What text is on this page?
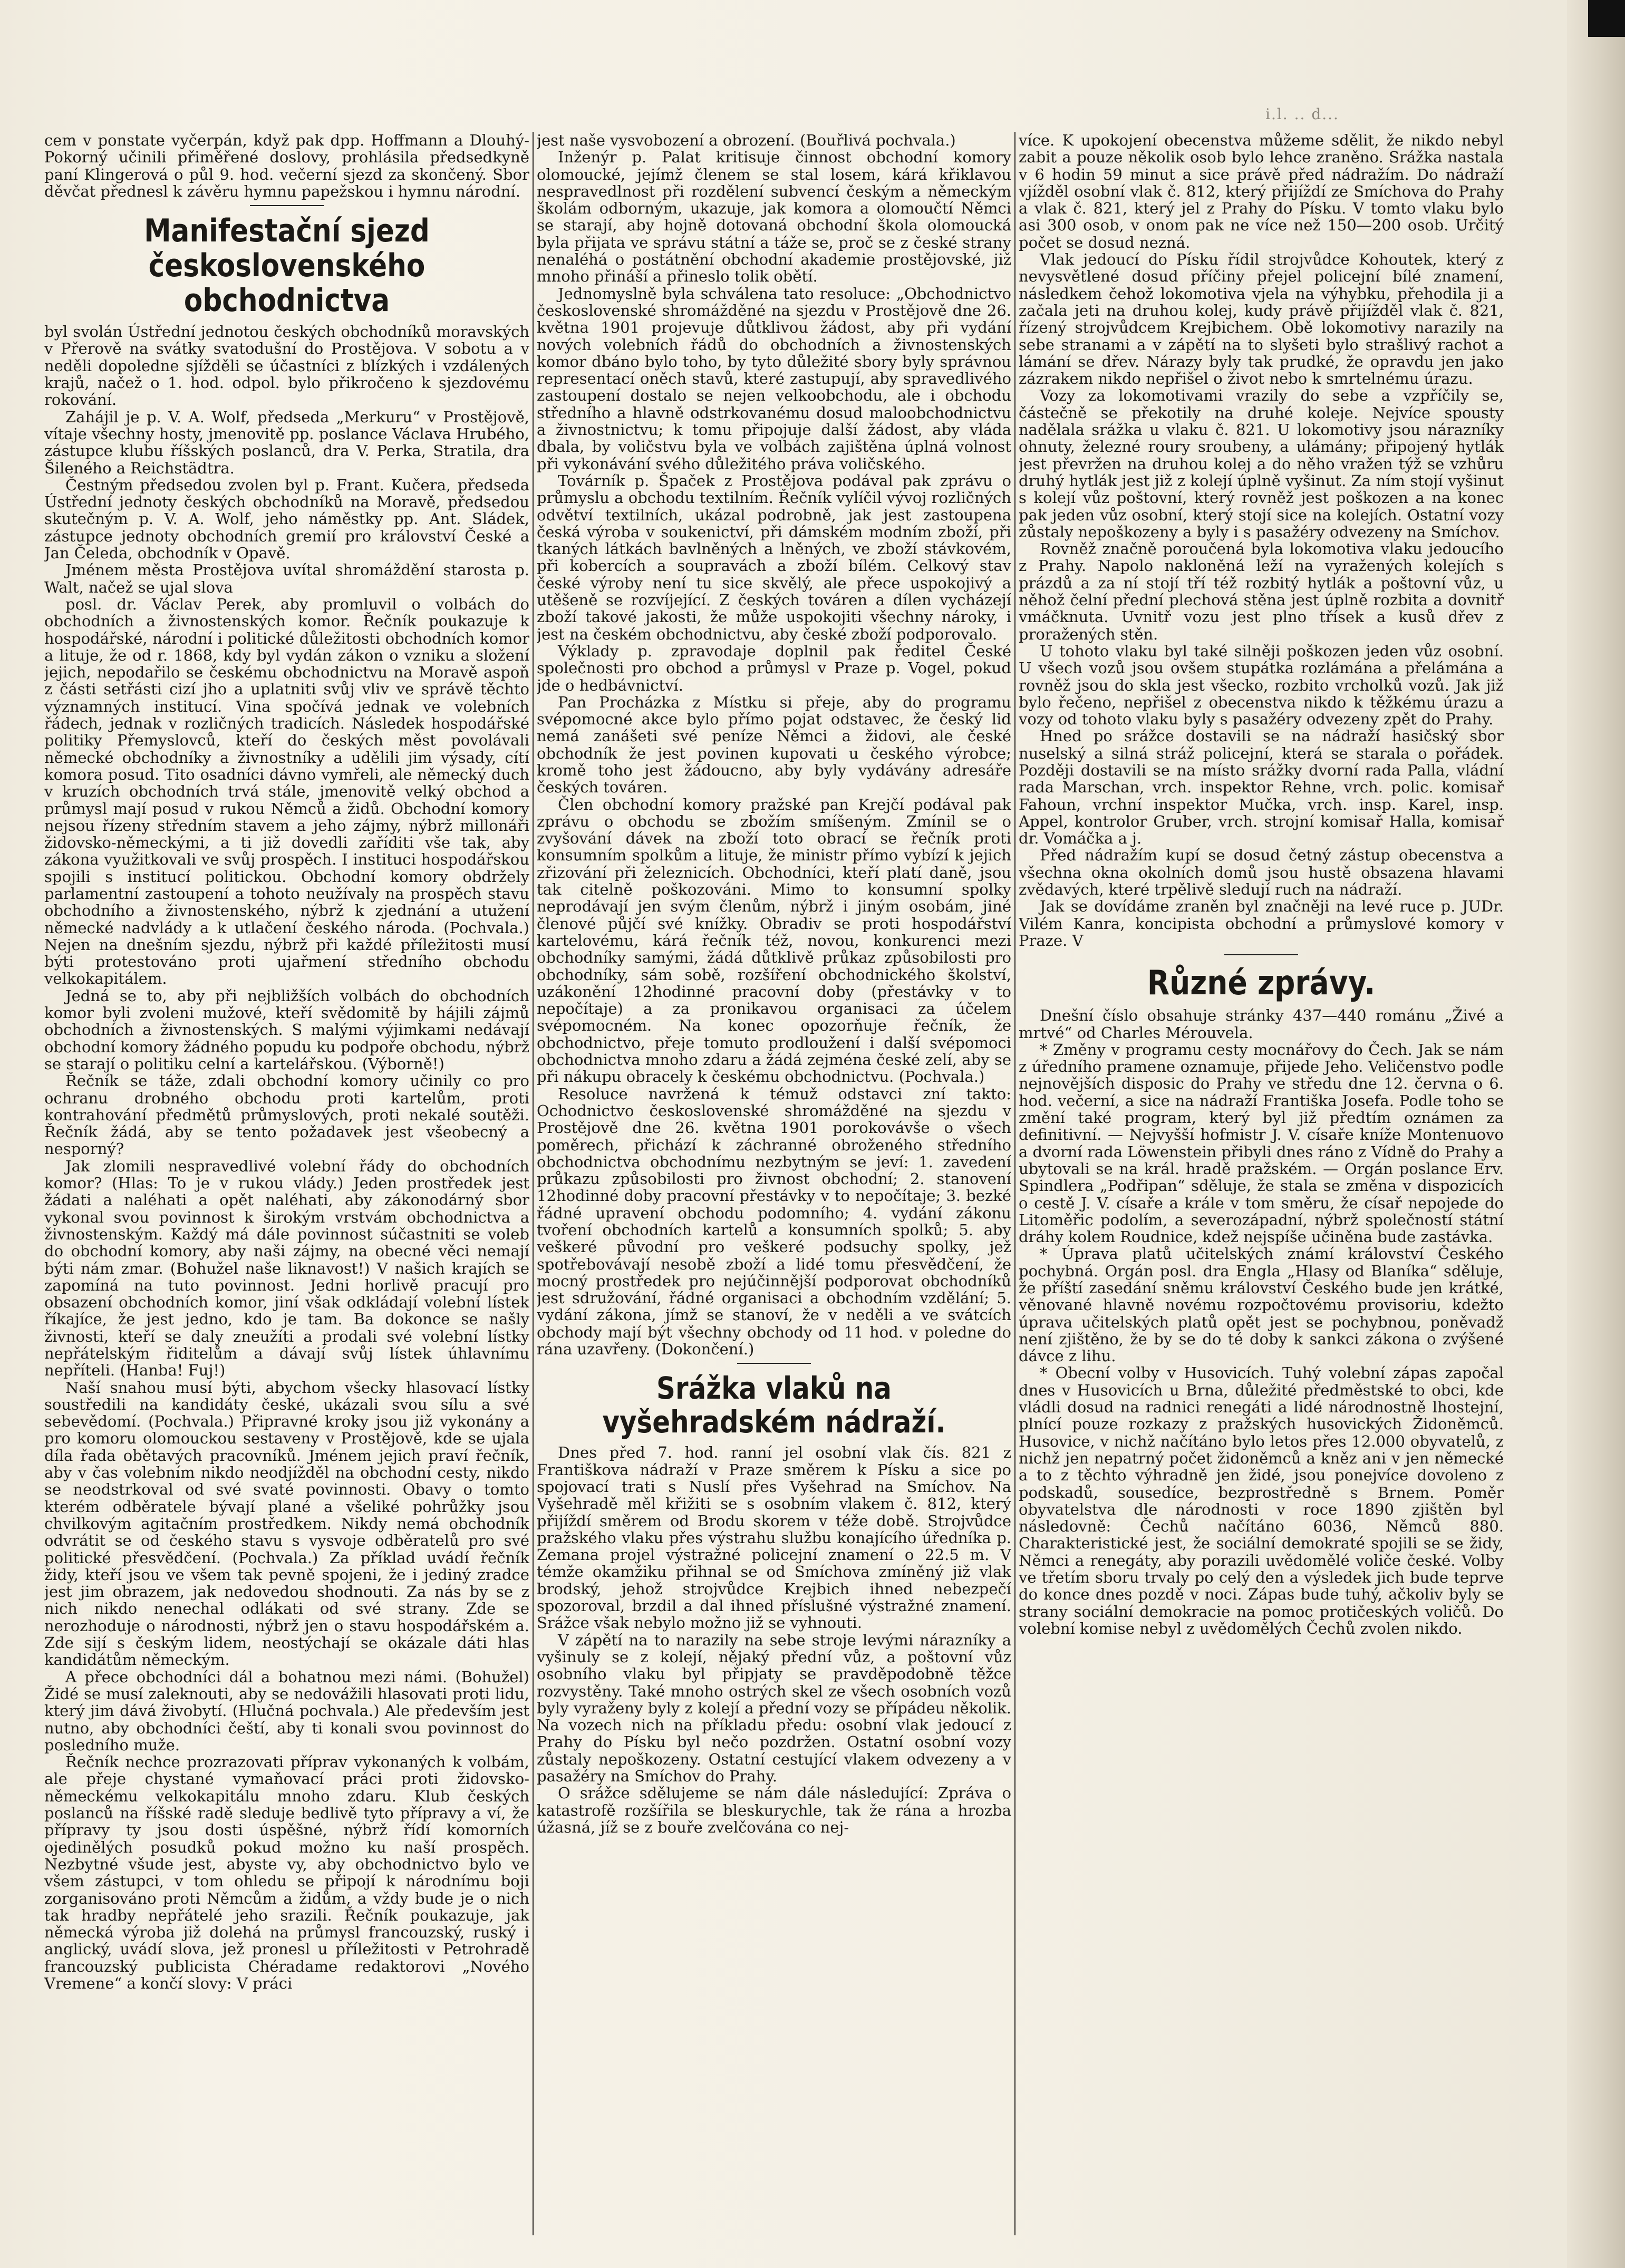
i.l. .. d...

cem v ponstate vyčerpán, když pak dpp. Hoffmann a Dlouhý-Pokorný učinili přiměřené doslovy, prohlásila předsedkyně paní Klingerová o půl 9. hod. večerní sjezd za skončený. Sbor děvčat přednesl k závěru hymnu papežskou i hymnu národní.

Manifestační sjezd československého obchodnictva

byl svolán Ústřední jednotou českých obchodníků moravských v Přerově na svátky svatodušní do Prostějova. V sobotu a v neděli dopoledne sjížděli se účastníci z blízkých i vzdálených krajů, načež o 1. hod. odpol. bylo přikročeno k sjezdovému rokování.

Zahájil je p. V. A. Wolf, předseda „Merkuru“ v Prostějově, vítaje všechny hosty, jmenovitě pp. poslance Václava Hrubého, zástupce klubu říšských poslanců, dra V. Perka, Stratila, dra Šileného a Reichstädtra.

Čestným předsedou zvolen byl p. Frant. Kučera, předseda Ústřední jednoty českých obchodníků na Moravě, předsedou skutečným p. V. A. Wolf, jeho náměstky pp. Ant. Sládek, zástupce jednoty obchodních gremií pro království České a Jan Čeleda, obchodník v Opavě.

Jménem města Prostějova uvítal shromáždění starosta p. Walt, načež se ujal slova

posl. dr. Václav Perek, aby promluvil o volbách do obchodních a živnostenských komor. Řečník poukazuje k hospodářské, národní i politické důležitosti obchodních komor a lituje, že od r. 1868, kdy byl vydán zákon o vzniku a složení jejich, nepodařilo se českému obchodnictvu na Moravě aspoň z části setřásti cizí jho a uplatniti svůj vliv ve správě těchto významných institucí. Vina spočívá jednak ve volebních řádech, jednak v rozličných tradicích. Následek hospodářské politiky Přemyslovců, kteří do českých měst povolávali německé obchodníky a živnostníky a udělili jim výsady, cítí komora posud. Tito osadníci dávno vymřeli, ale německý duch v kruzích obchodních trvá stále, jmenovitě velký obchod a průmysl mají posud v rukou Němců a židů. Obchodní komory nejsou řízeny středním stavem a jeho zájmy, nýbrž millonáři židovsko-německými, a ti již dovedli zaříditi vše tak, aby zákona využitkovali ve svůj prospěch. I instituci hospodářskou spojili s institucí politickou. Obchodní komory obdržely parlamentní zastoupení a tohoto neužívaly na prospěch stavu obchodního a živnostenského, nýbrž k zjednání a utužení německé nadvlády a k utlačení českého národa. (Pochvala.) Nejen na dnešním sjezdu, nýbrž při každé příležitosti musí býti protestováno proti ujařmení středního obchodu velkokapitálem.

Jedná se to, aby při nejbližších volbách do obchodních komor byli zvoleni mužové, kteří svědomitě by hájili zájmů obchodních a živnostenských. S malými výjimkami nedávají obchodní komory žádného popudu ku podpoře obchodu, nýbrž se starají o politiku celní a kartelářskou. (Výborně!)

Řečník se táže, zdali obchodní komory učinily co pro ochranu drobného obchodu proti kartelům, proti kontrahování předmětů průmyslových, proti nekalé soutěži. Řečník žádá, aby se tento požadavek jest všeobecný a nesporný?

Jak zlomili nespravedlivé volební řády do obchodních komor? (Hlas: To je v rukou vlády.) Jeden prostředek jest žádati a naléhati a opět naléhati, aby zákonodárný sbor vykonal svou povinnost k širokým vrstvám obchodnictva a živnostenským. Každý má dále povinnost súčastniti se voleb do obchodní komory, aby naši zájmy, na obecné věci nemají býti nám zmar. (Bohužel naše liknavost!) V našich krajích se zapomíná na tuto povinnost. Jedni horlivě pracují pro obsazení obchodních komor, jiní však odkládají volební lístek říkajíce, že jest jedno, kdo je tam. Ba dokonce se našly živnosti, kteří se daly zneužíti a prodali své volební lístky nepřátelským řiditelům a dávají svůj lístek úhlavnímu nepříteli. (Hanba! Fuj!)

Naší snahou musí býti, abychom všecky hlasovací lístky soustředili na kandidáty české, ukázali svou sílu a své sebevědomí. (Pochvala.) Připravné kroky jsou již vykonány a pro komoru olomouckou sestaveny v Prostějově, kde se ujala díla řada obětavých pracovníků. Jménem jejich praví řečník, aby v čas volebním nikdo neodjížděl na obchodní cesty, nikdo se neodstrkoval od své svaté povinnosti. Obavy o tomto kterém odběratele bývají plané a všeliké pohrůžky jsou chvilkovým agitačním prostředkem. Nikdy nemá obchodník odvrátit se od českého stavu s vysvoje odběratelů pro své politické přesvědčení. (Pochvala.) Za příklad uvádí řečník židy, kteří jsou ve všem tak pevně spojeni, že i jediný zradce jest jim obrazem, jak nedovedou shodnouti. Za nás by se z nich nikdo nenechal odlákati od své strany. Zde se nerozhoduje o národnosti, nýbrž jen o stavu hospodářském a. Zde sijí s českým lidem, neostýchají se okázale dáti hlas kandidátům německým.

A přece obchodníci dál a bohatnou mezi námi. (Bohužel) Židé se musí zaleknouti, aby se nedovážili hlasovati proti lidu, který jim dává živobytí. (Hlučná pochvala.) Ale především jest nutno, aby obchodníci čeští, aby ti konali svou povinnost do posledního muže.

Řečník nechce prozrazovati příprav vykonaných k volbám, ale přeje chystané vymaňovací práci proti židovsko-německému velkokapitálu mnoho zdaru. Klub českých poslanců na říšské radě sleduje bedlivě tyto přípravy a ví, že přípravy ty jsou dosti úspěšné, nýbrž řídí komorních ojedinělých posudků pokud možno ku naší prospěch. Nezbytné všude jest, abyste vy, aby obchodnictvo bylo ve všem zástupci, v tom ohledu se připojí k národnímu boji zorganisováno proti Němcům a židům, a vždy bude je o nich tak hradby nepřátelé jeho srazili. Řečník poukazuje, jak německá výroba již dolehá na průmysl francouzský, ruský i anglický, uvádí slova, jež pronesl u příležitosti v Petrohradě francouzský publicista Chéradame redaktorovi „Nového Vremene“ a končí slovy: V práci

jest naše vysvobození a obrození. (Bouřlivá pochvala.)

Inženýr p. Palat kritisuje činnost obchodní komory olomoucké, jejímž členem se stal losem, kárá křiklavou nespravedlnost při rozdělení subvencí českým a německým školám odborným, ukazuje, jak komora a olomoučtí Němci se starají, aby hojně dotovaná obchodní škola olomoucká byla přijata ve správu státní a táže se, proč se z české strany nenaléhá o postátnění obchodní akademie prostějovské, již mnoho přináší a přineslo tolik obětí.

Jednomyslně byla schválena tato resoluce: „Obchodnictvo československé shromážděné na sjezdu v Prostějově dne 26. května 1901 projevuje důtklivou žádost, aby při vydání nových volebních řádů do obchodních a živnostenských komor dbáno bylo toho, by tyto důležité sbory byly správnou representací oněch stavů, které zastupují, aby spravedlivého zastoupení dostalo se nejen velkoobchodu, ale i obchodu středního a hlavně odstrkovanému dosud maloobchodnictvu a živnostnictvu; k tomu připojuje další žádost, aby vláda dbala, by voličstvu byla ve volbách zajištěna úplná volnost při vykonávání svého důležitého práva voličského.

Továrník p. Špaček z Prostějova podával pak zprávu o průmyslu a obchodu textilním. Řečník vylíčil vývoj rozličných odvětví textilních, ukázal podrobně, jak jest zastoupena česká výroba v soukenictví, při dámském modním zboží, při tkaných látkách bavlněných a lněných, ve zboží stávkovém, při kobercích a soupravách a zboží bílém. Celkový stav české výroby není tu sice skvělý, ale přece uspokojivý a utěšeně se rozvíjející. Z českých továren a dílen vycházejí zboží takové jakosti, že může uspokojiti všechny nároky, i jest na českém obchodnictvu, aby české zboží podporovalo.

Výklady p. zpravodaje doplnil pak ředitel České společnosti pro obchod a průmysl v Praze p. Vogel, pokud jde o hedbávnictví.

Pan Procházka z Místku si přeje, aby do programu svépomocné akce bylo přímo pojat odstavec, že český lid nemá zanášeti své peníze Němci a židovi, ale české obchodník že jest povinen kupovati u českého výrobce; kromě toho jest žádoucno, aby byly vydávány adresáře českých továren.

Člen obchodní komory pražské pan Krejčí podával pak zprávu o obchodu se zbožím smíšeným. Zmínil se o zvyšování dávek na zboží toto obrací se řečník proti konsumním spolkům a lituje, že ministr přímo vybízí k jejich zřizování při železnicích. Obchodníci, kteří platí daně, jsou tak citelně poškozováni. Mimo to konsumní spolky neprodávají jen svým členům, nýbrž i jiným osobám, jiné členové půjčí své knížky. Obradiv se proti hospodářství kartelovému, kárá řečník též, novou, konkurenci mezi obchodníky samými, žádá důtklivě průkaz způsobilosti pro obchodníky, sám sobě, rozšíření obchodnického školství, uzákonění 12hodinné pracovní doby (přestávky v to nepočítaje) a za pronikavou organisaci za účelem svépomocném. Na konec opozorňuje řečník, že obchodnictvo, přeje tomuto prodloužení i další svépomoci obchodnictva mnoho zdaru a žádá zejména české zelí, aby se při nákupu obracely k českému obchodnictvu. (Pochvala.)

Resoluce navržená k témuž odstavci zní takto: Ochodnictvo československé shromážděné na sjezdu v Prostějově dne 26. května 1901 porokovávše o všech poměrech, přichází k záchranné obroženého středního obchodnictva obchodnímu nezbytným se jeví: 1. zavedení průkazu způsobilosti pro živnost obchodní; 2. stanovení 12hodinné doby pracovní přestávky v to nepočítaje; 3. bezké řádné upravení obchodu podomního; 4. vydání zákonu tvoření obchodních kartelů a konsumních spolků; 5. aby veškeré původní pro veškeré podsuchy spolky, jež spotřebovávají nesobě zboží a lidé tomu přesvědčení, že mocný prostředek pro nejúčinnější podporovat obchodníků jest sdružování, řádné organisaci a obchodním vzdělání; 5. vydání zákona, jímž se stanoví, že v neděli a ve svátcích obchody mají být všechny obchody od 11 hod. v poledne do rána uzavřeny. (Dokončení.)

Srážka vlaků na vyšehradském nádraží.

Dnes před 7. hod. ranní jel osobní vlak čís. 821 z Františkova nádraží v Praze směrem k Písku a sice po spojovací trati s Nuslí přes Vyšehrad na Smíchov. Na Vyšehradě měl křižiti se s osobním vlakem č. 812, který přijíždí směrem od Brodu skorem v téže době. Strojvůdce pražského vlaku přes výstrahu službu konajícího úředníka p. Zemana projel výstražné policejní znamení o 22.5 m. V témže okamžiku přihnal se od Smíchova zmíněný již vlak brodský, jehož strojvůdce Krejbich ihned nebezpečí spozoroval, brzdil a dal ihned příslušné výstražné znamení. Srážce však nebylo možno již se vyhnouti.

V zápětí na to narazily na sebe stroje levými nárazníky a vyšinuly se z kolejí, nějaký přední vůz, a poštovní vůz osobního vlaku byl připjaty se pravděpodobně těžce rozvystěny. Také mnoho ostrých skel ze všech osobních vozů byly vyraženy byly z kolejí a přední vozy se přípádeu několik. Na vozech nich na příkladu předu: osobní vlak jedoucí z Prahy do Písku byl nečo pozdržen. Ostatní osobní vozy zůstaly nepoškozeny. Ostatní cestující vlakem odvezeny a v pasažéry na Smíchov do Prahy.

O srážce sdělujeme se nám dále následující: Zpráva o katastrofě rozšířila se bleskurychle, tak že rána a hrozba úžasná, jíž se z bouře zvelčována co nej-

více. K upokojení obecenstva můžeme sdělit, že nikdo nebyl zabit a pouze několik osob bylo lehce zraněno. Srážka nastala v 6 hodin 59 minut a sice právě před nádražím. Do nádraží vjížděl osobní vlak č. 812, který přijíždí ze Smíchova do Prahy a vlak č. 821, který jel z Prahy do Písku. V tomto vlaku bylo asi 300 osob, v onom pak ne více než 150—200 osob. Určitý počet se dosud nezná.

Vlak jedoucí do Písku řídil strojvůdce Kohoutek, který z nevysvětlené dosud příčiny přejel policejní bílé znamení, následkem čehož lokomotiva vjela na výhybku, přehodila ji a začala jeti na druhou kolej, kudy právě přijížděl vlak č. 821, řízený strojvůdcem Krejbichem. Obě lokomotivy narazily na sebe stranami a v zápětí na to slyšeti bylo strašlivý rachot a lámání se dřev. Nárazy byly tak prudké, že opravdu jen jako zázrakem nikdo nepřišel o život nebo k smrtelnému úrazu.

Vozy za lokomotivami vrazily do sebe a vzpříčily se, částečně se překotily na druhé koleje. Nejvíce spousty nadělala srážka u vlaku č. 821. U lokomotivy jsou nárazníky ohnuty, železné roury sroubeny, a ulámány; připojený hytlák jest převržen na druhou kolej a do něho vražen týž se vzhůru druhý hytlák jest již z kolejí úplně vyšinut. Za ním stojí vyšinut s kolejí vůz poštovní, který rovněž jest poškozen a na konec pak jeden vůz osobní, který stojí sice na kolejích. Ostatní vozy zůstaly nepoškozeny a byly i s pasažéry odvezeny na Smíchov.

Rovněž značně poroučená byla lokomotiva vlaku jedoucího z Prahy. Napolo nakloněná leží na vyražených kolejích s prázdů a za ní stojí tří též rozbitý hytlák a poštovní vůz, u něhož čelní přední plechová stěna jest úplně rozbita a dovnitř vmáčknuta. Uvnitř vozu jest plno třísek a kusů dřev z proražených stěn.

U tohoto vlaku byl také silněji poškozen jeden vůz osobní. U všech vozů jsou ovšem stupátka rozlámána a přelámána a rovněž jsou do skla jest všecko, rozbito vrcholků vozů. Jak již bylo řečeno, nepřišel z obecenstva nikdo k těžkému úrazu a vozy od tohoto vlaku byly s pasažéry odvezeny zpět do Prahy.

Hned po srážce dostavili se na nádraží hasičský sbor nuselský a silná stráž policejní, která se starala o pořádek. Později dostavili se na místo srážky dvorní rada Palla, vládní rada Marschan, vrch. inspektor Rehne, vrch. polic. komisař Fahoun, vrchní inspektor Mučka, vrch. insp. Karel, insp. Appel, kontrolor Gruber, vrch. strojní komisař Halla, komisař dr. Vomáčka a j.

Před nádražím kupí se dosud četný zástup obecenstva a všechna okna okolních domů jsou hustě obsazena hlavami zvědavých, které trpělivě sledují ruch na nádraží.

Jak se dovídáme zraněn byl značněji na levé ruce p. JUDr. Vilém Kanra, koncipista obchodní a průmyslové komory v Praze. V

Různé zprávy.

Dnešní číslo obsahuje stránky 437—440 románu „Živé a mrtvé“ od Charles Mérouvela.

* Změny v programu cesty mocnářovy do Čech. Jak se nám z úředního pramene oznamuje, přijede Jeho. Veličenstvo podle nejnovějších disposic do Prahy ve středu dne 12. června o 6. hod. večerní, a sice na nádraží Františka Josefa. Podle toho se změní také program, který byl již předtím oznámen za definitivní. — Nejvyšší hofmistr J. V. císaře kníže Montenuovo a dvorní rada Löwenstein přibyli dnes ráno z Vídně do Prahy a ubytovali se na král. hradě pražském. — Orgán poslance Erv. Spindlera „Podřipan“ sděluje, že stala se změna v dispozicích o cestě J. V. císaře a krále v tom směru, že císař nepojede do Litoměřic podolím, a severozápadní, nýbrž společností státní dráhy kolem Roudnice, kdež nejspíše učiněna bude zastávka.

* Úprava platů učitelských známí království Českého pochybná. Orgán posl. dra Engla „Hlasy od Blaníka“ sděluje, že příští zasedání sněmu království Českého bude jen krátké, věnované hlavně novému rozpočtovému provisoriu, kdežto úprava učitelských platů opět jest se pochybnou, poněvadž není zjištěno, že by se do té doby k sankci zákona o zvýšené dávce z lihu.

* Obecní volby v Husovicích. Tuhý volební zápas započal dnes v Husovicích u Brna, důležité předměstské to obci, kde vládli dosud na radnici renegáti a lidé národnostně lhostejní, plnící pouze rozkazy z pražských husovických Židoněmců. Husovice, v nichž načítáno bylo letos přes 12.000 obyvatelů, z nichž jen nepatrný počet židoněmců a kněz ani v jen německé a to z těchto výhradně jen židé, jsou ponejvíce dovoleno z podskadů, sousedíce, bezprostředně s Brnem. Poměr obyvatelstva dle národnosti v roce 1890 zjištěn byl následovně: Čechů načítáno 6036, Němců 880. Charakteristické jest, že sociální demokraté spojili se se židy, Němci a renegáty, aby porazili uvědomělé voliče české. Volby ve třetím sboru trvaly po celý den a výsledek jich bude teprve do konce dnes pozdě v noci. Zápas bude tuhý, ačkoliv byly se strany sociální demokracie na pomoc protičeských voličů. Do volební komise nebyl z uvědomělých Čechů zvolen nikdo.
